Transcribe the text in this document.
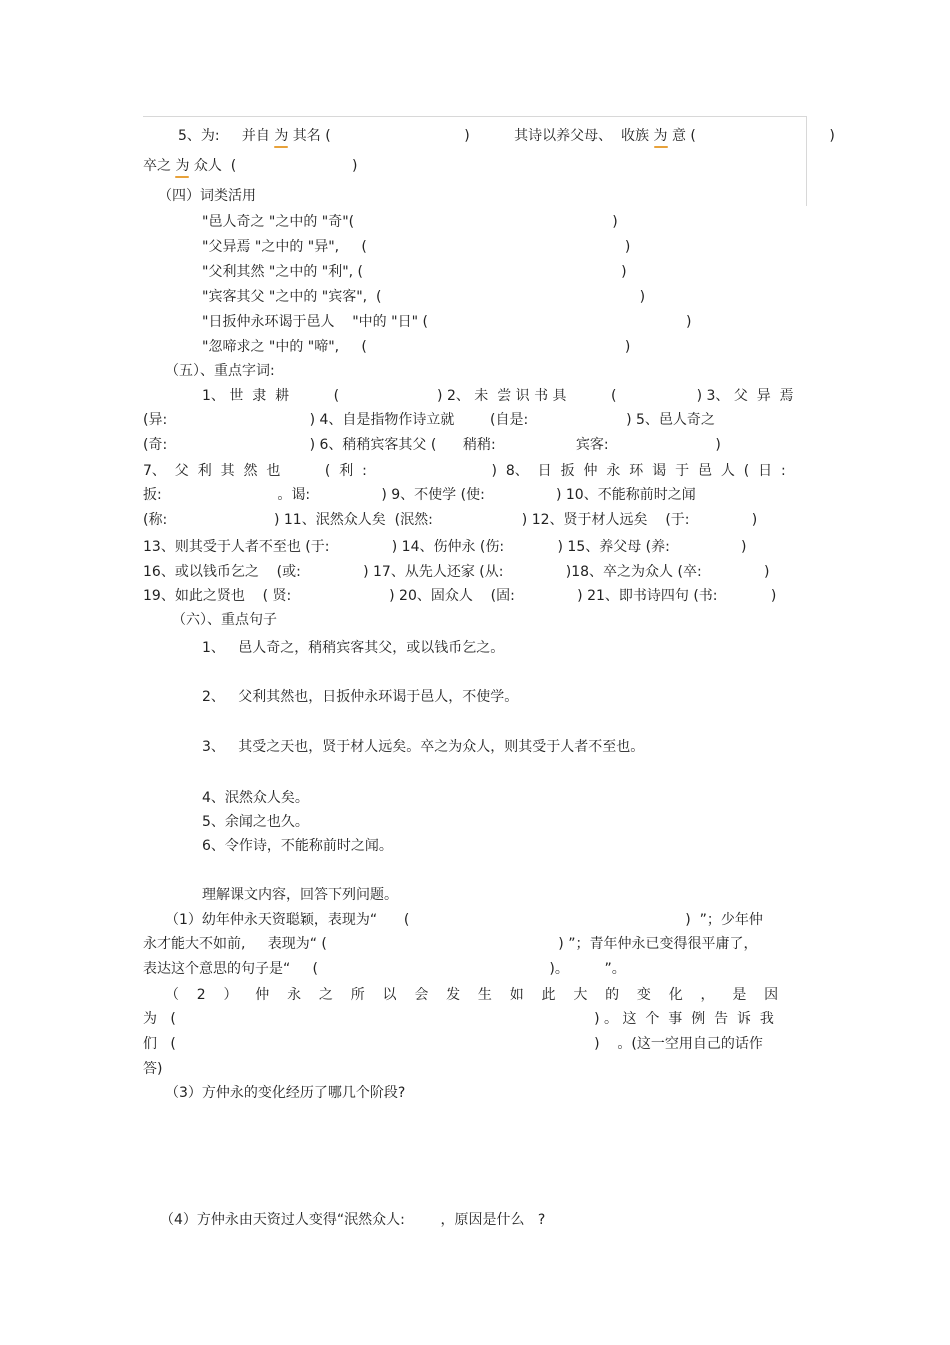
5、为:     并自 为 其名 (                              )          其诗以养父母、  收族 为 意 (                              )
卒之 为 众人  (                          )
（四）词类活用
"邑人奇之 "之中的 "奇"(                                                          )
"父异焉 "之中的 "异",     (                                                          )
"父利其然 "之中的 "利", (                                                          )
"宾客其父 "之中的 "宾客",  (                                                          )
"日扳仲永环谒于邑人    "中的 "日" (                                                          )
"忽啼求之 "中的 "啼",     (                                                          )
（五）、重点字词:
1、 世  隶  耕          (                      ) 2、 未  尝 识 书 具          (                  ) 3、 父  异  焉
(异:                                ) 4、自是指物作诗立就        (自是:                      ) 5、邑人奇之
(奇:                                ) 6、稍稍宾客其父 (      稍稍:                  宾客:                        )
7、  父  利  其  然  也          (  利  :                            )  8、  日  扳  仲  永  环  谒  于  邑  人  (  日  :
扳:                          。谒:                ) 9、不使学 (使:                ) 10、不能称前时之闻
(称:                        ) 11、泯然众人矣  (泯然:                    ) 12、贤于材人远矣    (于:              )
13、则其受于人者不至也 (于:              ) 14、伤仲永 (伤:            ) 15、养父母 (养:                )
16、或以钱币乞之    (或:              ) 17、从先人还家 (从:              )18、卒之为众人 (卒:              )
19、如此之贤也    ( 贤:                      ) 20、固众人    (固:              ) 21、即书诗四句 (书:            )
（六）、重点句子
1、   邑人奇之，稍稍宾客其父，或以钱币乞之。
2、   父利其然也，日扳仲永环谒于邑人，不使学。
3、   其受之天也，贤于材人远矣。卒之为众人，则其受于人者不至也。
4、泯然众人矣。
5、余闻之也久。
6、令作诗，不能称前时之闻。
理解课文内容，回答下列问题。
（1）幼年仲永天资聪颖，表现为“      (                                                              )  ”；少年仲
永才能大不如前,     表现为“ (                                                    ) ”；青年仲永已变得很平庸了，
表达这个意思的句子是“     (                                                    )。        ”。
（    2    ）    仲    永    之    所    以    会    发    生    如    此    大    的    变    化    ，    是    因
为   (                                                                                              ) 。 这  个  事  例  告  诉  我
们   (                                                                                              )    。(这一空用自己的话作
答)
（3）方仲永的变化经历了哪几个阶段?
（4）方仲永由天资过人变得“泯然众人:        ，原因是什么   ?
